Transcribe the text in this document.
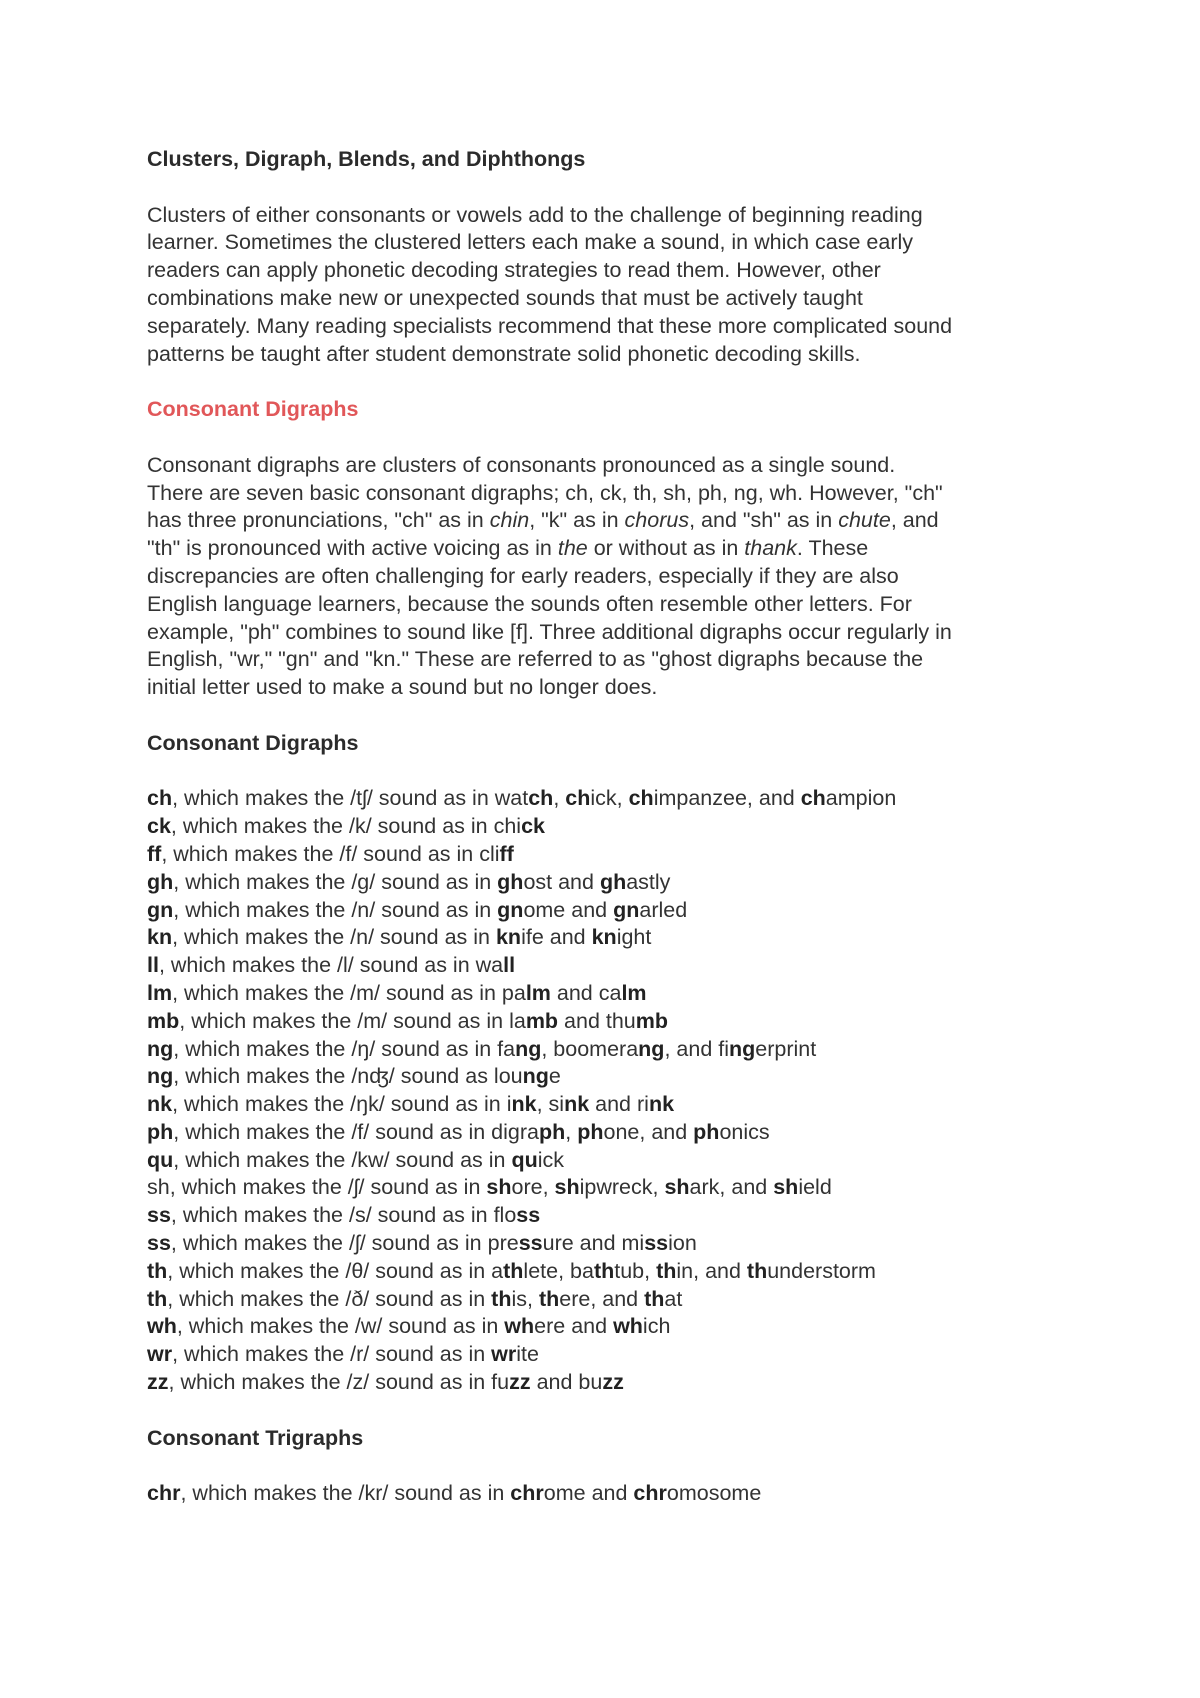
Clusters, Digraph, Blends, and Diphthongs
Clusters of either consonants or vowels add to the challenge of beginning reading
learner. Sometimes the clustered letters each make a sound, in which case early
readers can apply phonetic decoding strategies to read them. However, other
combinations make new or unexpected sounds that must be actively taught
separately. Many reading specialists recommend that these more complicated sound
patterns be taught after student demonstrate solid phonetic decoding skills.
Consonant Digraphs
Consonant digraphs are clusters of consonants pronounced as a single sound.
There are seven basic consonant digraphs; ch, ck, th, sh, ph, ng, wh. However, "ch"
has three pronunciations, "ch" as in chin, "k" as in chorus, and "sh" as in chute, and
"th" is pronounced with active voicing as in the or without as in thank. These
discrepancies are often challenging for early readers, especially if they are also
English language learners, because the sounds often resemble other letters. For
example, "ph" combines to sound like [f]. Three additional digraphs occur regularly in
English, "wr," "gn" and "kn." These are referred to as "ghost digraphs because the
initial letter used to make a sound but no longer does.
Consonant Digraphs
ch, which makes the /tʃ/ sound as in watch, chick, chimpanzee, and champion
ck, which makes the /k/ sound as in chick
ff, which makes the /f/ sound as in cliff
gh, which makes the /g/ sound as in ghost and ghastly
gn, which makes the /n/ sound as in gnome and gnarled
kn, which makes the /n/ sound as in knife and knight
ll, which makes the /l/ sound as in wall
lm, which makes the /m/ sound as in palm and calm
mb, which makes the /m/ sound as in lamb and thumb
ng, which makes the /ŋ/ sound as in fang, boomerang, and fingerprint
ng, which makes the /nʤ/ sound as lounge
nk, which makes the /ŋk/ sound as in ink, sink and rink
ph, which makes the /f/ sound as in digraph, phone, and phonics
qu, which makes the /kw/ sound as in quick
sh, which makes the /ʃ/ sound as in shore, shipwreck, shark, and shield
ss, which makes the /s/ sound as in floss
ss, which makes the /ʃ/ sound as in pressure and mission
th, which makes the /θ/ sound as in athlete, bathtub, thin, and thunderstorm
th, which makes the /ð/ sound as in this, there, and that
wh, which makes the /w/ sound as in where and which
wr, which makes the /r/ sound as in write
zz, which makes the /z/ sound as in fuzz and buzz
Consonant Trigraphs
chr, which makes the /kr/ sound as in chrome and chromosome
